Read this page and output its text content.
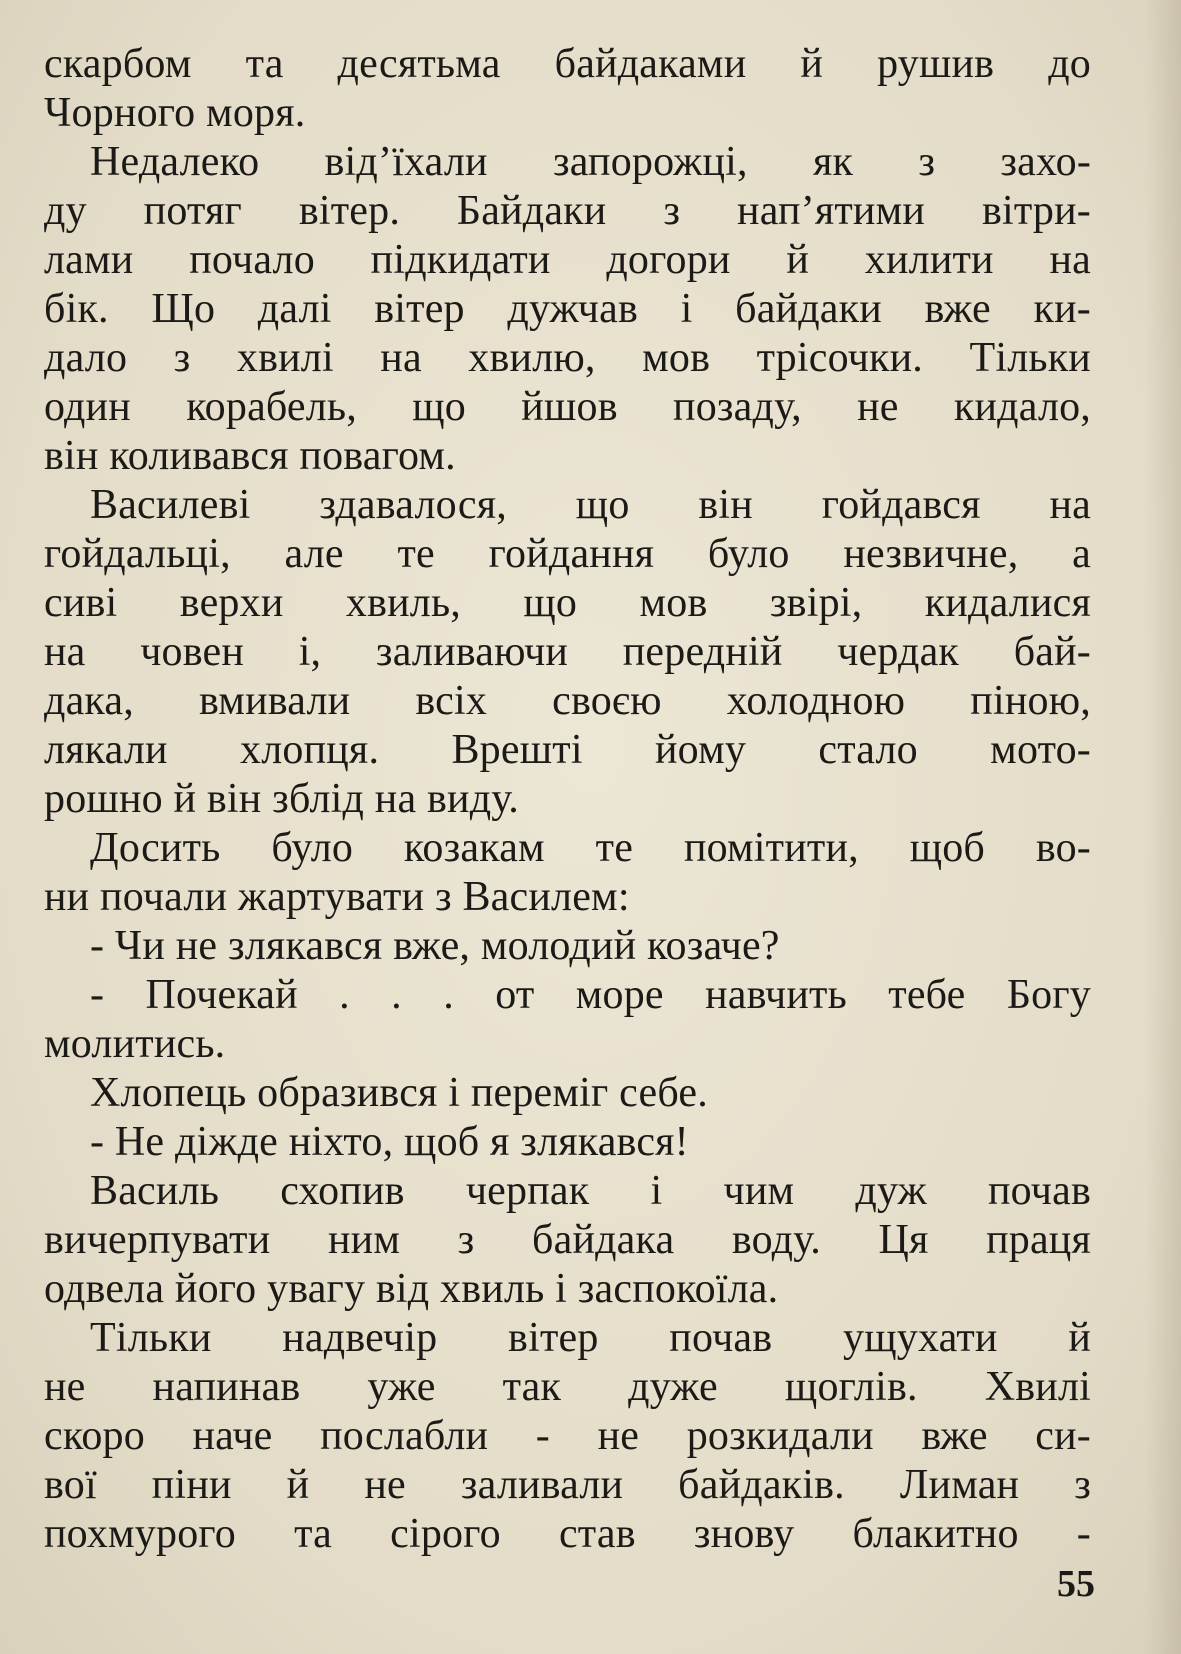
скарбом та десятьма байдаками й рушив до
Чорного моря.
Недалеко від’їхали запорожці, як з захо-
ду потяг вітер. Байдаки з нап’ятими вітри-
лами почало підкидати догори й хилити на
бік. Що далі вітер дужчав і байдаки вже ки-
дало з хвилі на хвилю, мов трісочки. Тільки
один корабель, що йшов позаду, не кидало,
він коливався повагом.
Василеві здавалося, що він гойдався на
гойдальці, але те гойдання було незвичне, а
сиві верхи хвиль, що мов звірі, кидалися
на човен і, заливаючи передній чердак бай-
дака, вмивали всіх своєю холодною піною,
лякали хлопця. Врешті йому стало мото-
рошно й він зблід на виду.
Досить було козакам те помітити, щоб во-
ни почали жартувати з Василем:
- Чи не злякався вже, молодий козаче?
- Почекай . . . от море навчить тебе Богу
молитись.
Хлопець образився і переміг себе.
- Не діжде ніхто, щоб я злякався!
Василь схопив черпак і чим дуж почав
вичерпувати ним з байдака воду. Ця праця
одвела його увагу від хвиль і заспокоїла.
Тільки надвечір вітер почав ущухати й
не напинав уже так дуже щоглів. Хвилі
скоро наче послабли - не розкидали вже си-
вої піни й не заливали байдаків. Лиман з
похмурого та сірого став знову блакитно -
55
